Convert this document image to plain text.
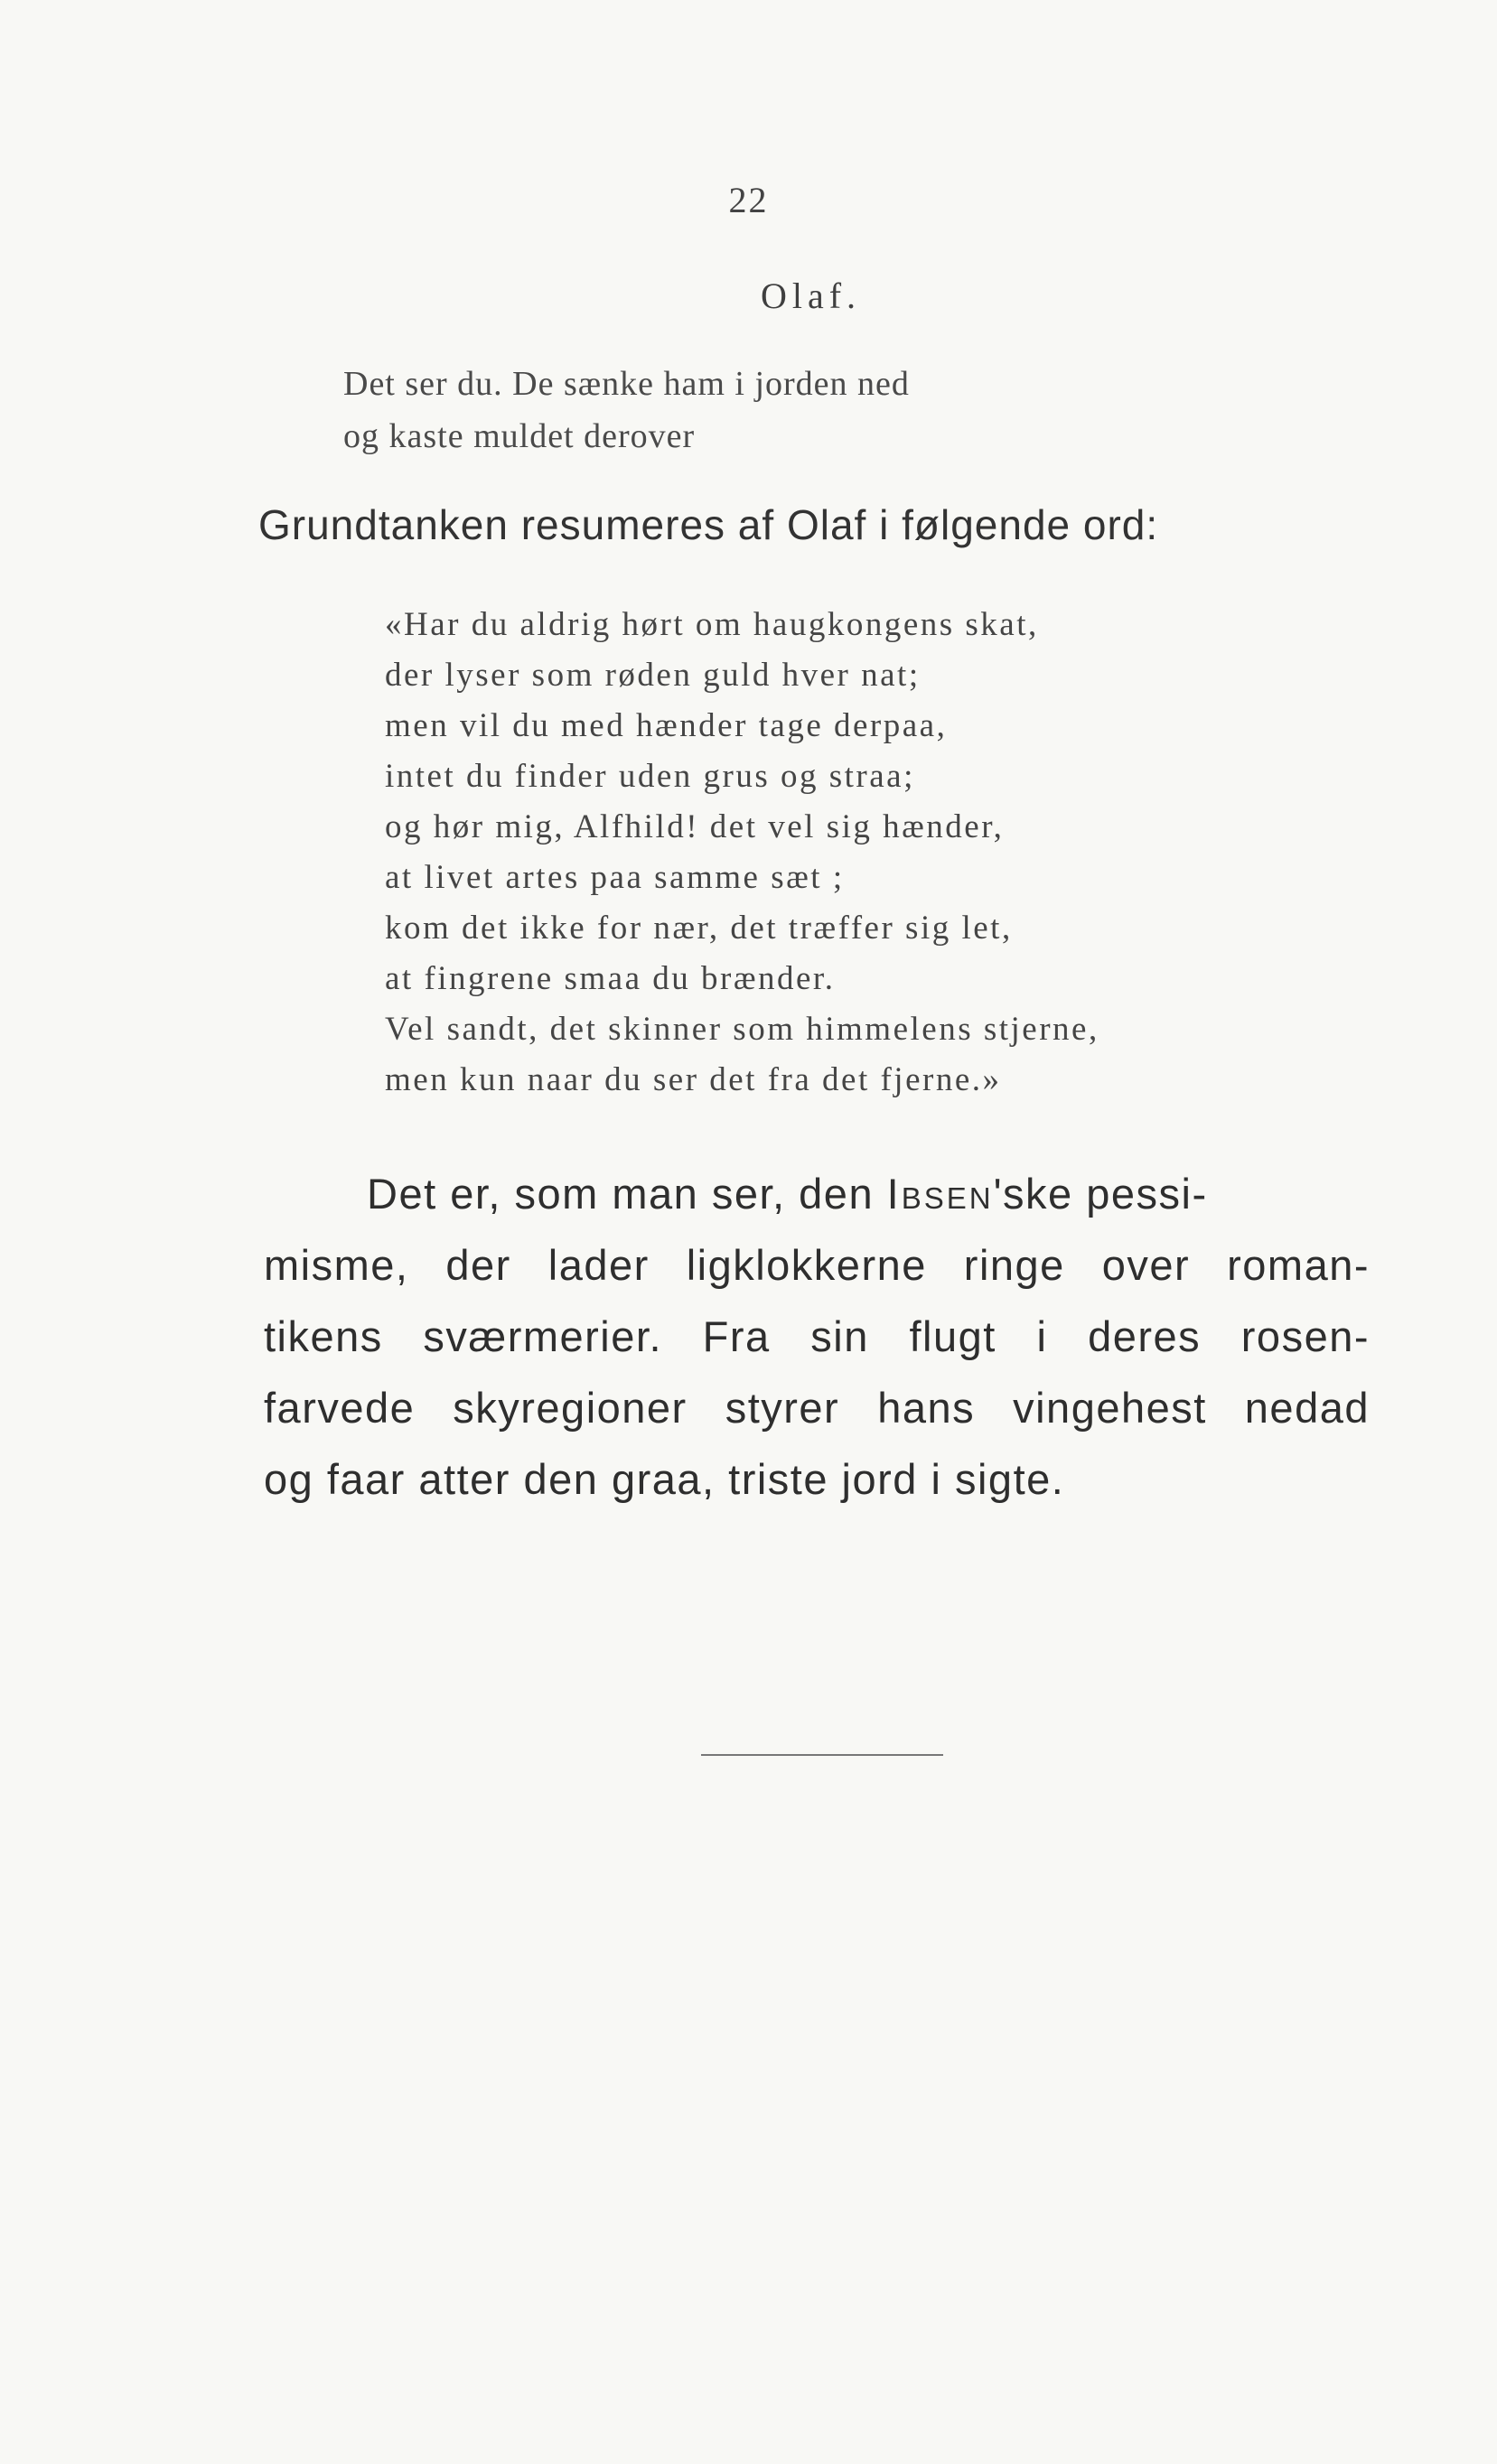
22
Olaf.
Det ser du. De sænke ham i jorden ned
og kaste muldet derover
Grundtanken resumeres af Olaf i følgende ord:
«Har du aldrig hørt om haugkongens skat,
der lyser som røden guld hver nat;
men vil du med hænder tage derpaa,
intet du finder uden grus og straa;
og hør mig, Alfhild! det vel sig hænder,
at livet artes paa samme sæt ;
kom det ikke for nær, det træffer sig let,
at fingrene smaa du brænder.
Vel sandt, det skinner som himmelens stjerne,
men kun naar du ser det fra det fjerne.»
Det er, som man ser, den Ibsen'ske pessi-
misme, der lader ligklokkerne ringe over roman-
tikens sværmerier. Fra sin flugt i deres rosen-
farvede skyregioner styrer hans vingehest nedad
og faar atter den graa, triste jord i sigte.
